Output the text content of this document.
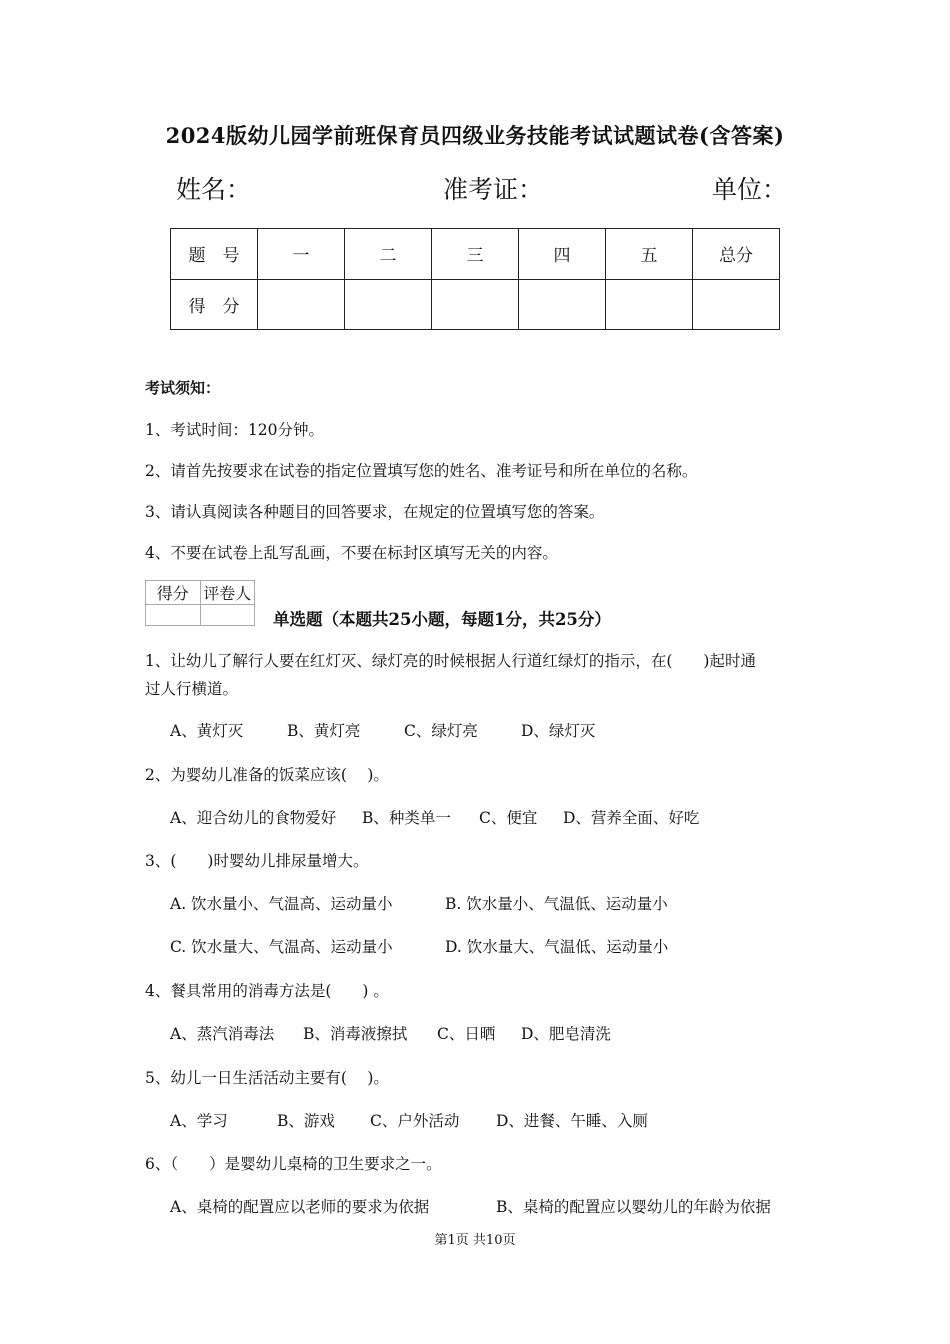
2024版幼儿园学前班保育员四级业务技能考试试题试卷(含答案)
姓名：	准考证：	单位：
题　号	一	二	三	四	五	总分
得　分						
考试须知：
1、考试时间：120分钟。
2、请首先按要求在试卷的指定位置填写您的姓名、准考证号和所在单位的名称。
3、请认真阅读各种题目的回答要求，在规定的位置填写您的答案。
4、不要在试卷上乱写乱画，不要在标封区填写无关的内容。
得分	评卷人

单选题（本题共25小题，每题1分，共25分）
1、让幼儿了解行人要在红灯灭、绿灯亮的时候根据人行道红绿灯的指示，在(　　)起时通
过人行横道。
A、黄灯灭	B、黄灯亮	C、绿灯亮	D、绿灯灭
2、为婴幼儿准备的饭菜应该(　 )。
A、迎合幼儿的食物爱好 B、种类单一 C、便宜 D、营养全面、好吃
3、(　　)时婴幼儿排尿量增大。
A. 饮水量小、气温高、运动量小	B. 饮水量小、气温低、运动量小
C. 饮水量大、气温高、运动量小	D. 饮水量大、气温低、运动量小
4、餐具常用的消毒方法是(　　) 。
A、蒸汽消毒法 B、消毒液擦拭 C、日晒 D、肥皂清洗
5、幼儿一日生活活动主要有(　 )。
A、学习	B、游戏 C、户外活动 D、进餐、午睡、入厕
6、（　　）是婴幼儿桌椅的卫生要求之一。
A、桌椅的配置应以老师的要求为依据	B、桌椅的配置应以婴幼儿的年龄为依据
第1页 共10页
